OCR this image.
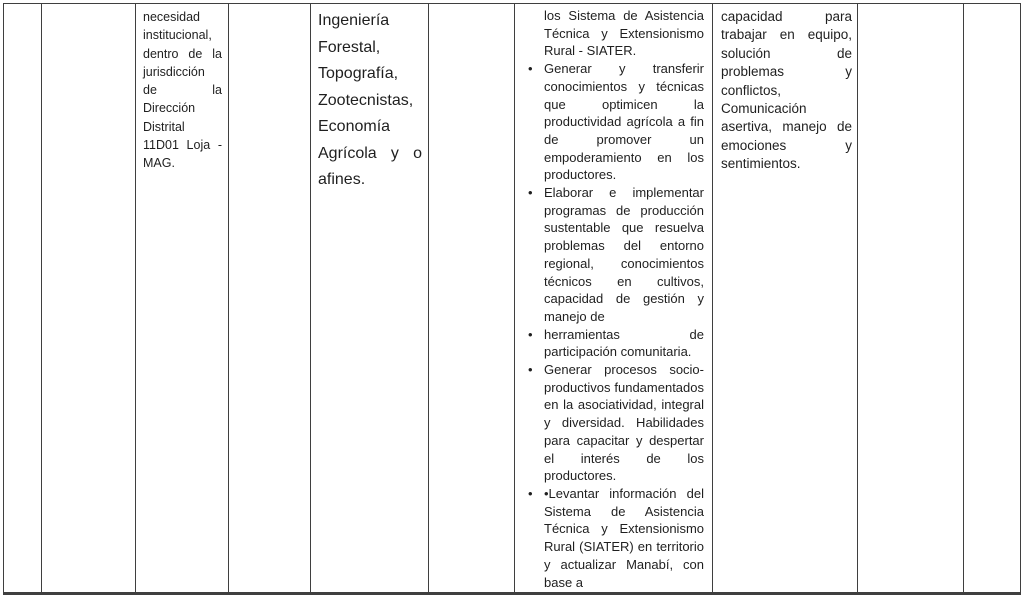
necesidad institucional, dentro de la jurisdicción de la Dirección Distrital 11D01 Loja - MAG.
Ingeniería Forestal, Topografía, Zootecnistas, Economía Agrícola y o afines.
los Sistema de Asistencia Técnica y Extensionismo Rural - SIATER.
• Generar y transferir conocimientos y técnicas que optimicen la productividad agrícola a fin de promover un empoderamiento en los productores.
• Elaborar e implementar programas de producción sustentable que resuelva problemas del entorno regional, conocimientos técnicos en cultivos, capacidad de gestión y manejo de
• herramientas de participación comunitaria.
• Generar procesos socio-productivos fundamentados en la asociatividad, integral y diversidad. Habilidades para capacitar y despertar el interés de los productores.
• •Levantar información del Sistema de Asistencia Técnica y Extensionismo Rural (SIATER) en territorio y actualizar Manabí, con base a
capacidad para trabajar en equipo, solución de problemas y conflictos, Comunicación asertiva, manejo de emociones y sentimientos.
